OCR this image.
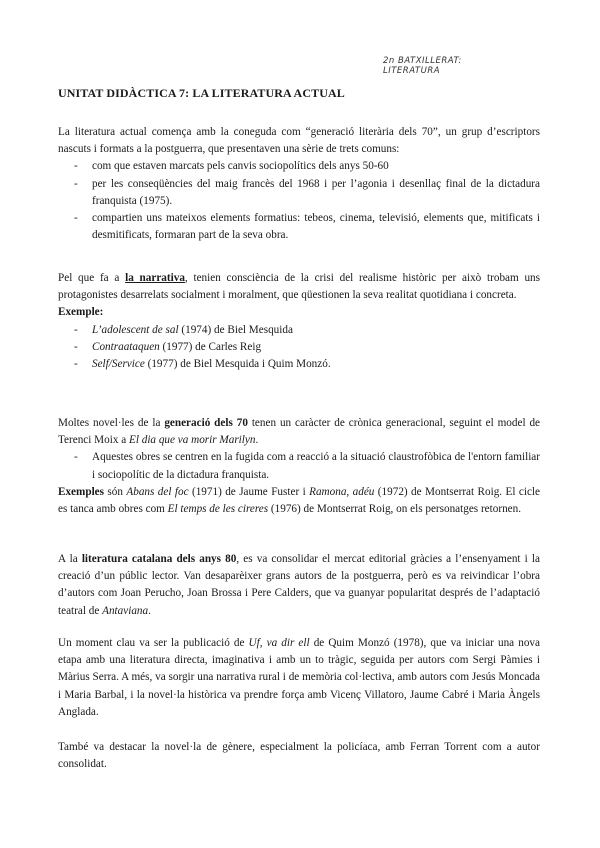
2n BATXILLERAT:
LITERATURA
UNITAT DIDÀCTICA 7: LA LITERATURA ACTUAL
La literatura actual comença amb la coneguda com “generació literària dels 70”, un grup d’escriptors nascuts i formats a la postguerra, que presentaven una sèrie de trets comuns:
- com que estaven marcats pels canvis sociopolítics dels anys 50-60
- per les conseqüències del maig francès del 1968 i per l’agonia i desenllaç final de la dictadura franquista (1975).
- compartien uns mateixos elements formatius: tebeos, cinema, televisió, elements que, mitificats i desmitificats, formaran part de la seva obra.
Pel que fa a la narrativa, tenien consciència de la crisi del realisme històric per això trobam uns protagonistes desarrelats socialment i moralment, que qüestionen la seva realitat quotidiana i concreta.
Exemple:
- L’adolescent de sal (1974) de Biel Mesquida
- Contraataquen (1977) de Carles Reig
- Self/Service (1977) de Biel Mesquida i Quim Monzó.
Moltes novel·les de la generació dels 70 tenen un caràcter de crònica generacional, seguint el model de Terenci Moix a El dia que va morir Marilyn.
- Aquestes obres se centren en la fugida com a reacció a la situació claustrofòbica de l'entorn familiar i sociopolític de la dictadura franquista.
Exemples són Abans del foc (1971) de Jaume Fuster i Ramona, adéu (1972) de Montserrat Roig. El cicle es tanca amb obres com El temps de les cireres (1976) de Montserrat Roig, on els personatges retornen.
A la literatura catalana dels anys 80, es va consolidar el mercat editorial gràcies a l’ensenyament i la creació d’un públic lector. Van desaparèixer grans autors de la postguerra, però es va reivindicar l’obra d’autors com Joan Perucho, Joan Brossa i Pere Calders, que va guanyar popularitat després de l’adaptació teatral de Antaviana.
Un moment clau va ser la publicació de Uf, va dir ell de Quim Monzó (1978), que va iniciar una nova etapa amb una literatura directa, imaginativa i amb un to tràgic, seguida per autors com Sergi Pàmies i Màrius Serra. A més, va sorgir una narrativa rural i de memòria col·lectiva, amb autors com Jesús Moncada i Maria Barbal, i la novel·la històrica va prendre força amb Vicenç Villatoro, Jaume Cabré i Maria Àngels Anglada.
També va destacar la novel·la de gènere, especialment la policíaca, amb Ferran Torrent com a autor consolidat.
